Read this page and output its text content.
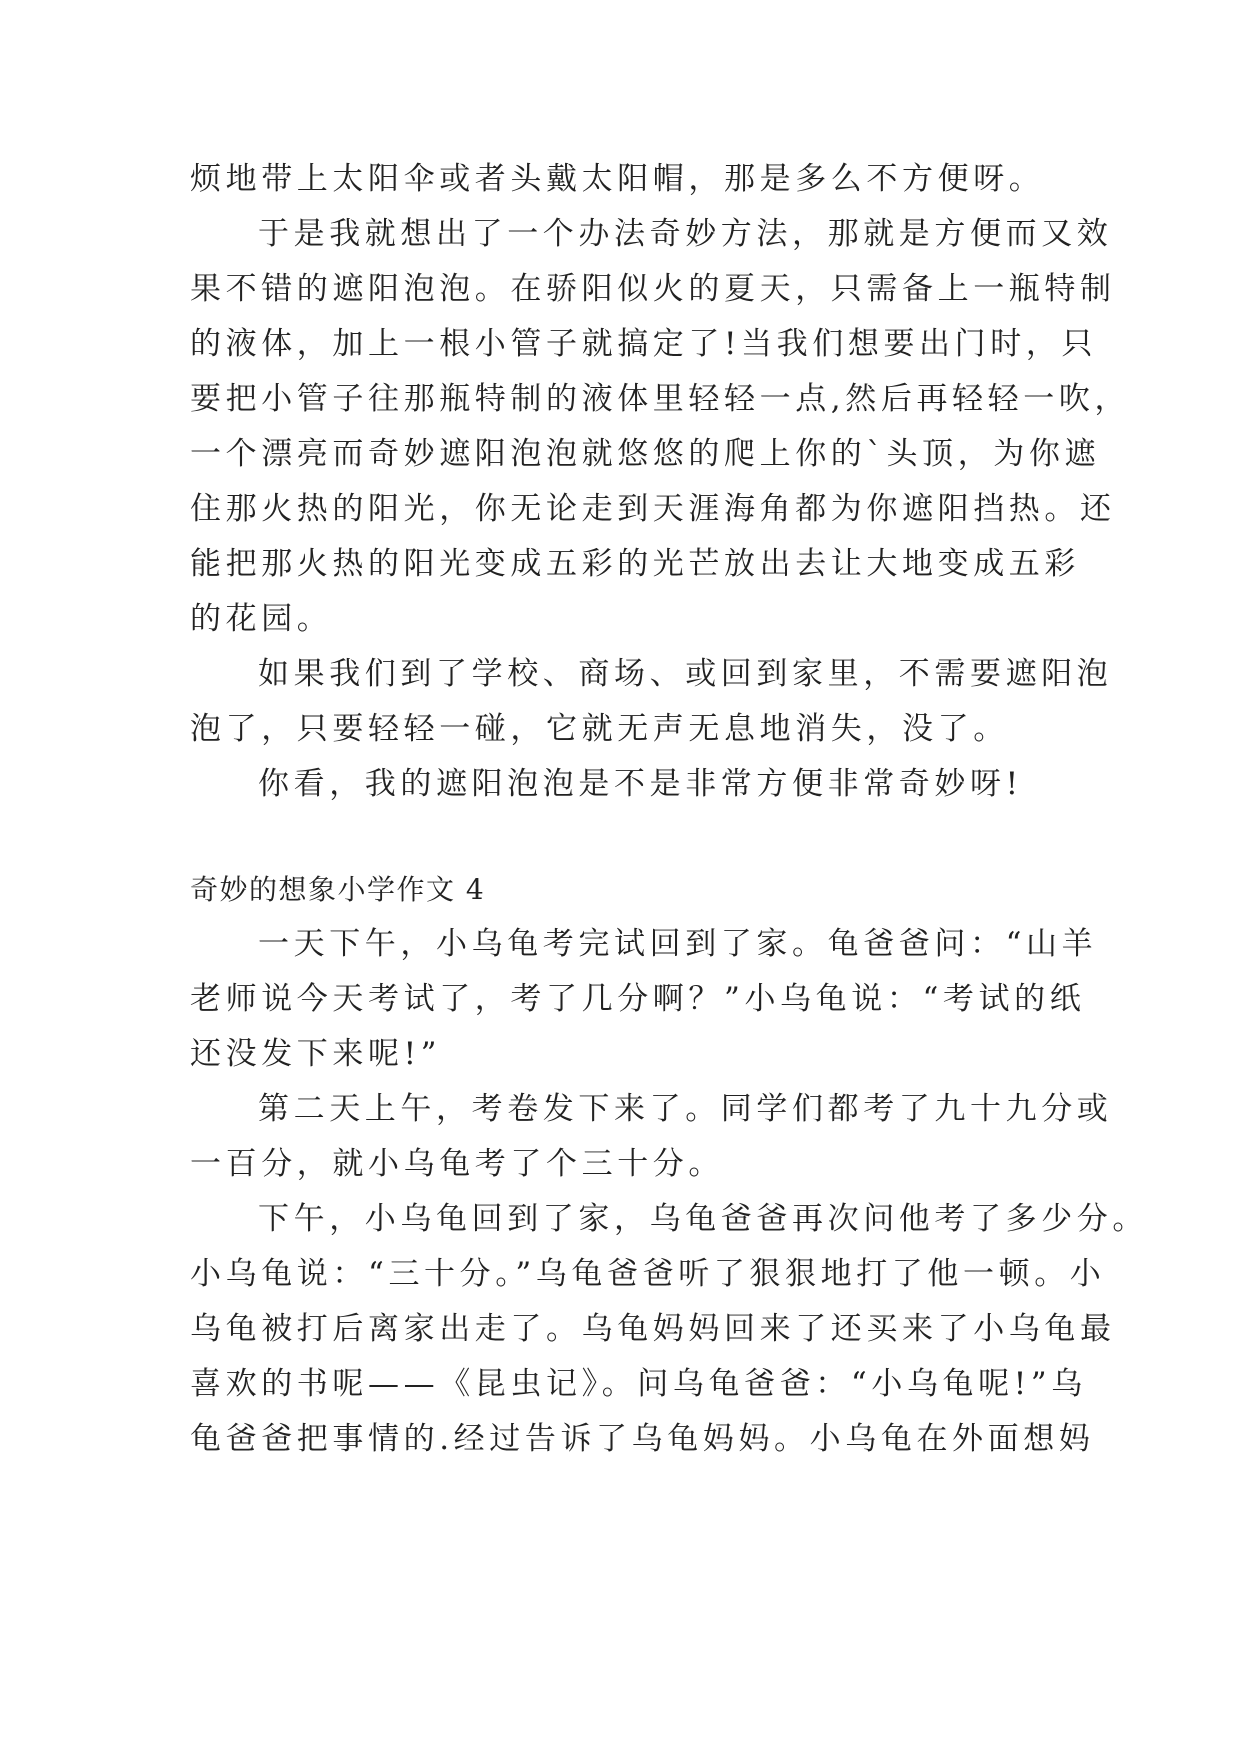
烦地带上太阳伞或者头戴太阳帽，那是多么不方便呀。
于是我就想出了一个办法奇妙方法，那就是方便而又效
果不错的遮阳泡泡。在骄阳似火的夏天，只需备上一瓶特制
的液体，加上一根小管子就搞定了!当我们想要出门时，只
要把小管子往那瓶特制的液体里轻轻一点,然后再轻轻一吹，
一个漂亮而奇妙遮阳泡泡就悠悠的爬上你的`头顶，为你遮
住那火热的阳光，你无论走到天涯海角都为你遮阳挡热。还
能把那火热的阳光变成五彩的光芒放出去让大地变成五彩
的花园。
如果我们到了学校、商场、或回到家里，不需要遮阳泡
泡了，只要轻轻一碰，它就无声无息地消失，没了。
你看，我的遮阳泡泡是不是非常方便非常奇妙呀!
奇妙的想象小学作文 4
一天下午，小乌龟考完试回到了家。龟爸爸问：“山羊
老师说今天考试了，考了几分啊？”小乌龟说：“考试的纸
还没发下来呢!”
第二天上午，考卷发下来了。同学们都考了九十九分或
一百分，就小乌龟考了个三十分。
下午，小乌龟回到了家，乌龟爸爸再次问他考了多少分。
小乌龟说：“三十分。”乌龟爸爸听了狠狠地打了他一顿。小
乌龟被打后离家出走了。乌龟妈妈回来了还买来了小乌龟最
喜欢的书呢——《昆虫记》。问乌龟爸爸：“小乌龟呢!”乌
龟爸爸把事情的.经过告诉了乌龟妈妈。小乌龟在外面想妈
